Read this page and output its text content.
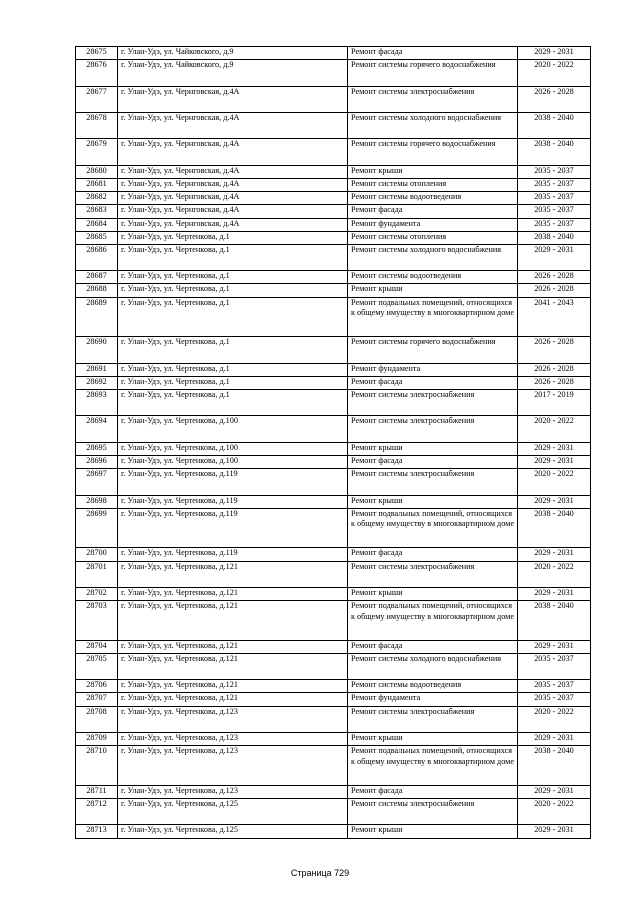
28675	г. Улан-Удэ, ул. Чайковского, д.9	Ремонт фасада	2029 - 2031
28676	г. Улан-Удэ, ул. Чайковского, д.9	Ремонт системы горячего водоснабжения	2020 - 2022
28677	г. Улан-Удэ, ул. Чернговская, д.4А	Ремонт системы электроснабжения	2026 - 2028
28678	г. Улан-Удэ, ул. Чернговская, д.4А	Ремонт системы холодного водоснабжения	2038 - 2040
28679	г. Улан-Удэ, ул. Чернговская, д.4А	Ремонт системы горячего водоснабжения	2038 - 2040
28680	г. Улан-Удэ, ул. Чернговская, д.4А	Ремонт крыши	2035 - 2037
28681	г. Улан-Удэ, ул. Чернговская, д.4А	Ремонт системы отопления	2035 - 2037
28682	г. Улан-Удэ, ул. Чернговская, д.4А	Ремонт системы водоотведения	2035 - 2037
28683	г. Улан-Удэ, ул. Чернговская, д.4А	Ремонт фасада	2035 - 2037
28684	г. Улан-Удэ, ул. Чернговская, д.4А	Ремонт фундамента	2035 - 2037
28685	г. Улан-Удэ, ул. Чертенкова, д.1	Ремонт системы отопления	2038 - 2040
28686	г. Улан-Удэ, ул. Чертенкова, д.1	Ремонт системы холодного водоснабжения	2029 - 2031
28687	г. Улан-Удэ, ул. Чертенкова, д.1	Ремонт системы водоотведения	2026 - 2028
28688	г. Улан-Удэ, ул. Чертенкова, д.1	Ремонт крыши	2026 - 2028
28689	г. Улан-Удэ, ул. Чертенкова, д.1	Ремонт подвальных помещений, относящихся к общему имуществу в многоквартирном доме	2041 - 2043
28690	г. Улан-Удэ, ул. Чертенкова, д.1	Ремонт системы горячего водоснабжения	2026 - 2028
28691	г. Улан-Удэ, ул. Чертенкова, д.1	Ремонт фундамента	2026 - 2028
28692	г. Улан-Удэ, ул. Чертенкова, д.1	Ремонт фасада	2026 - 2028
28693	г. Улан-Удэ, ул. Чертенкова, д.1	Ремонт системы электроснабжения	2017 - 2019
28694	г. Улан-Удэ, ул. Чертенкова, д.100	Ремонт системы электроснабжения	2020 - 2022
28695	г. Улан-Удэ, ул. Чертенкова, д.100	Ремонт крыши	2029 - 2031
28696	г. Улан-Удэ, ул. Чертенкова, д.100	Ремонт фасада	2029 - 2031
28697	г. Улан-Удэ, ул. Чертенкова, д.119	Ремонт системы электроснабжения	2020 - 2022
28698	г. Улан-Удэ, ул. Чертенкова, д.119	Ремонт крыши	2029 - 2031
28699	г. Улан-Удэ, ул. Чертенкова, д.119	Ремонт подвальных помещений, относящихся к общему имуществу в многоквартирном доме	2038 - 2040
28700	г. Улан-Удэ, ул. Чертенкова, д.119	Ремонт фасада	2029 - 2031
28701	г. Улан-Удэ, ул. Чертенкова, д.121	Ремонт системы электроснабжения	2020 - 2022
28702	г. Улан-Удэ, ул. Чертенкова, д.121	Ремонт крыши	2029 - 2031
28703	г. Улан-Удэ, ул. Чертенкова, д.121	Ремонт подвальных помещений, относящихся к общему имуществу в многоквартирном доме	2038 - 2040
28704	г. Улан-Удэ, ул. Чертенкова, д.121	Ремонт фасада	2029 - 2031
28705	г. Улан-Удэ, ул. Чертенкова, д.121	Ремонт системы холодного водоснабжения	2035 - 2037
28706	г. Улан-Удэ, ул. Чертенкова, д.121	Ремонт системы водоотведения	2035 - 2037
28707	г. Улан-Удэ, ул. Чертенкова, д.121	Ремонт фундамента	2035 - 2037
28708	г. Улан-Удэ, ул. Чертенкова, д.123	Ремонт системы электроснабжения	2020 - 2022
28709	г. Улан-Удэ, ул. Чертенкова, д.123	Ремонт крыши	2029 - 2031
28710	г. Улан-Удэ, ул. Чертенкова, д.123	Ремонт подвальных помещений, относящихся к общему имуществу в многоквартирном доме	2038 - 2040
28711	г. Улан-Удэ, ул. Чертенкова, д.123	Ремонт фасада	2029 - 2031
28712	г. Улан-Удэ, ул. Чертенкова, д.125	Ремонт системы электроснабжения	2020 - 2022
28713	г. Улан-Удэ, ул. Чертенкова, д.125	Ремонт крыши	2029 - 2031
Страница 729
